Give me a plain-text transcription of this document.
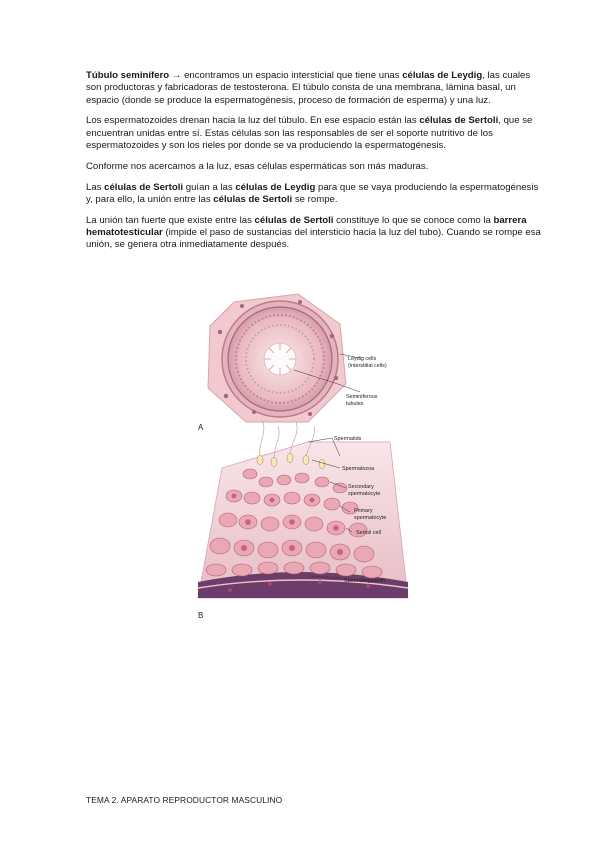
Túbulo seminífero → encontramos un espacio intersticial que tiene unas células de Leydig, las cuales son productoras y fabricadoras de testosterona. El túbulo consta de una membrana, lámina basal, un espacio (donde se produce la espermatogénesis, proceso de formación de esperma) y una luz.

Los espermatozoides drenan hacia la luz del túbulo. En ese espacio están las células de Sertoli, que se encuentran unidas entre sí. Estas células son las responsables de ser el soporte nutritivo de los espermatozoides y son los rieles por donde se va produciendo la espermatogénesis.

Conforme nos acercamos a la luz, esas células espermáticas son más maduras.

Las células de Sertoli guían a las células de Leydig para que se vaya produciendo la espermatogénesis y, para ello, la unión entre las células de Sertoli se rompe.

La unión tan fuerte que existe entre las células de Sertoli constituye lo que se conoce como la barrera hematotesticular (impide el paso de sustancias del intersticio hacia la luz del tubo). Cuando se rompe esa unión, se genera otra inmediatamente después.

Leydig cells
(interstitial cells)
Seminiferous
tubules
A
Spermatids
Spermatozoa
Secondary
spermatocyte
Primary
spermatocyte
Sertoli cell
Spermatogonium
B
TEMA 2. APARATO REPRODUCTOR MASCULINO
